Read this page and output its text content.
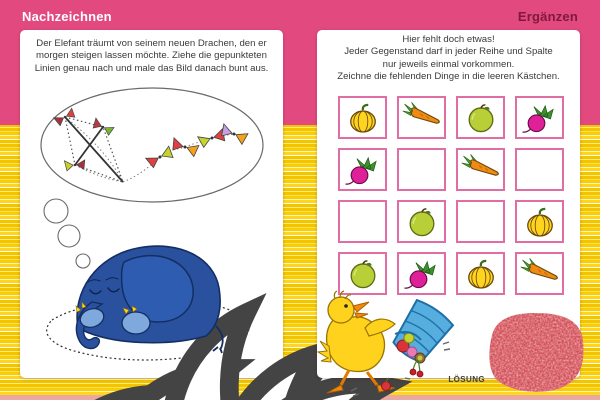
Nachzeichnen	Ergänzen
Der Elefant träumt von seinem neuen Drachen, den er
morgen steigen lassen möchte. Ziehe die gepunkteten
Linien genau nach und male das Bild danach bunt aus.
Hier fehlt doch etwas!
Jeder Gegenstand darf in jeder Reihe und Spalte
nur jeweils einmal vorkommen.
Zeichne die fehlenden Dinge in die leeren Kästchen.
LÖSUNG
